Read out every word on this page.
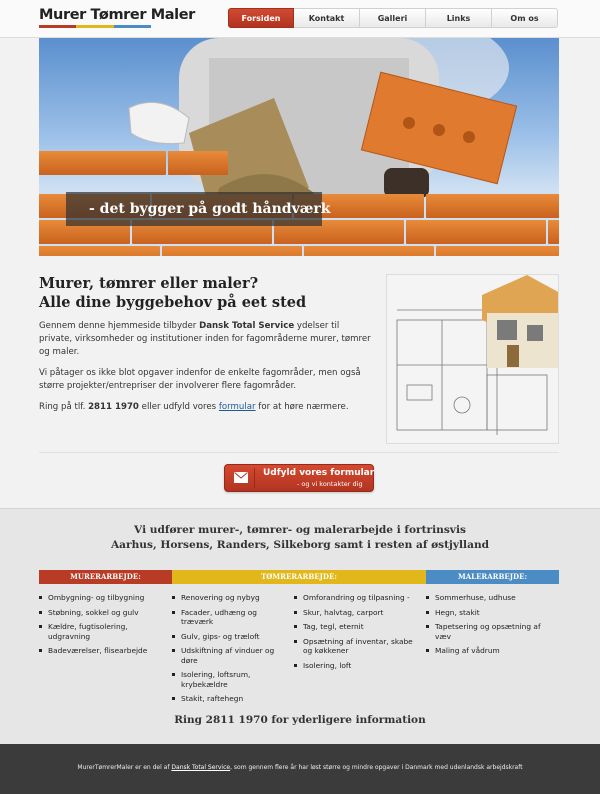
Murer Tømrer Maler	Forsiden	Kontakt	Galleri	Links	Om os
- det bygger på godt håndværk
Murer, tømrer eller maler?
Alle dine byggebehov på eet sted

Gennem denne hjemmeside tilbyder Dansk Total Service ydelser til private, virksomheder og institutioner inden for fagområderne murer, tømrer og maler.

Vi påtager os ikke blot opgaver indenfor de enkelte fagområder, men også større projekter/entrepriser der involverer flere fagområder.

Ring på tlf. 2811 1970 eller udfyld vores formular for at høre nærmere.

Udfyld vores formular
- og vi kontakter dig
Vi udfører murer-, tømrer- og malerarbejde i fortrinsvis
Aarhus, Horsens, Randers, Silkeborg samt i resten af østjylland
MURERARBEJDE:	TØMRERARBEJDE:	MALERARBEJDE:
Ombygning- og tilbygning
Støbning, sokkel og gulv
Kældre, fugtisolering, udgravning
Badeværelser, flisearbejde
Renovering og nybyg
Facader, udhæng og træværk
Gulv, gips- og træloft
Udskiftning af vinduer og døre
Isolering, loftsrum, krybekældre
Stakit, raftehegn
Omforandring og tilpasning -
Skur, halvtag, carport
Tag, tegl, eternit
Opsætning af inventar, skabe og køkkener
Isolering, loft
Sommerhuse, udhuse
Hegn, stakit
Tapetsering og opsætning af væv
Maling af vådrum
Ring 2811 1970 for yderligere information

MurerTømrerMaler er en del af Dansk Total Service, som gennem flere år har løst større og mindre opgaver i Danmark med udenlandsk arbejdskraft
